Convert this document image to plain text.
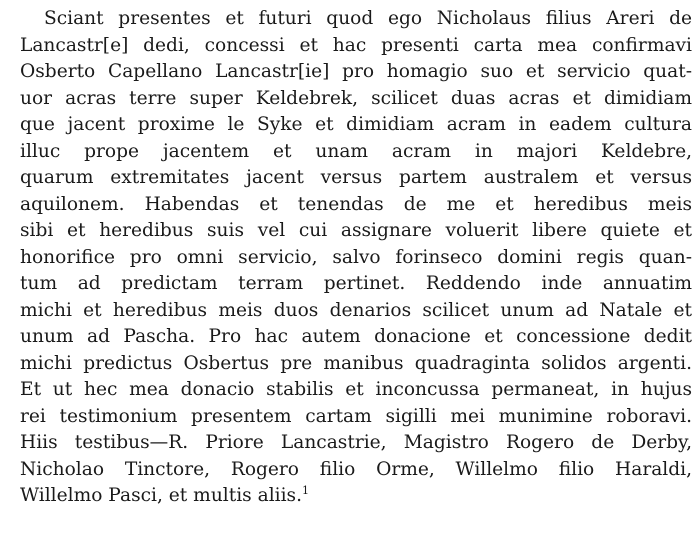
Sciant presentes et futuri quod ego Nicholaus filius Areri de
Lancastr[e] dedi, concessi et hac presenti carta mea confirmavi
Osberto Capellano Lancastr[ie] pro homagio suo et servicio quat-
uor acras terre super Keldebrek, scilicet duas acras et dimidiam
que jacent proxime le Syke et dimidiam acram in eadem cultura
illuc prope jacentem et unam acram in majori Keldebre,
quarum extremitates jacent versus partem australem et versus
aquilonem. Habendas et tenendas de me et heredibus meis
sibi et heredibus suis vel cui assignare voluerit libere quiete et
honorifice pro omni servicio, salvo forinseco domini regis quan-
tum ad predictam terram pertinet. Reddendo inde annuatim
michi et heredibus meis duos denarios scilicet unum ad Natale et
unum ad Pascha. Pro hac autem donacione et concessione dedit
michi predictus Osbertus pre manibus quadraginta solidos argenti.
Et ut hec mea donacio stabilis et inconcussa permaneat, in hujus
rei testimonium presentem cartam sigilli mei munimine roboravi.
Hiis testibus—R. Priore Lancastrie, Magistro Rogero de Derby,
Nicholao Tinctore, Rogero filio Orme, Willelmo filio Haraldi,
Willelmo Pasci, et multis aliis.$^1$
